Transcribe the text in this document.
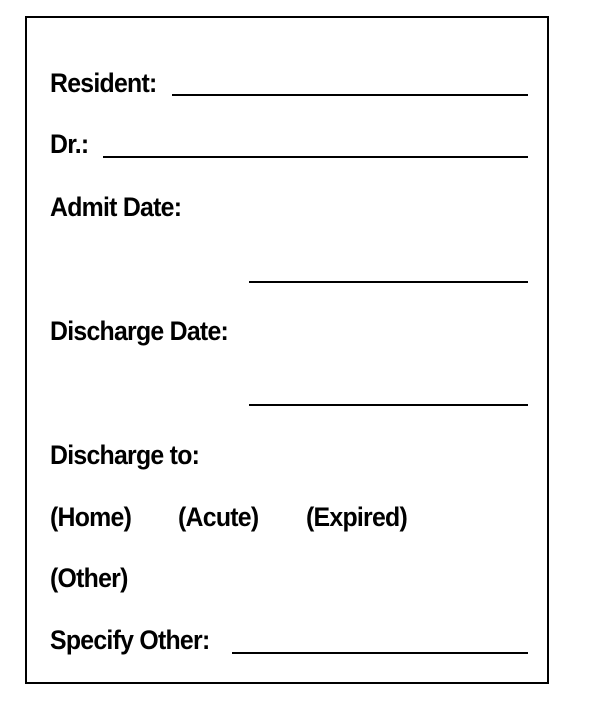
Resident:
Dr.:
Admit Date:
Discharge Date:
Discharge to:
(Home) (Acute) (Expired)
(Other)
Specify Other:
